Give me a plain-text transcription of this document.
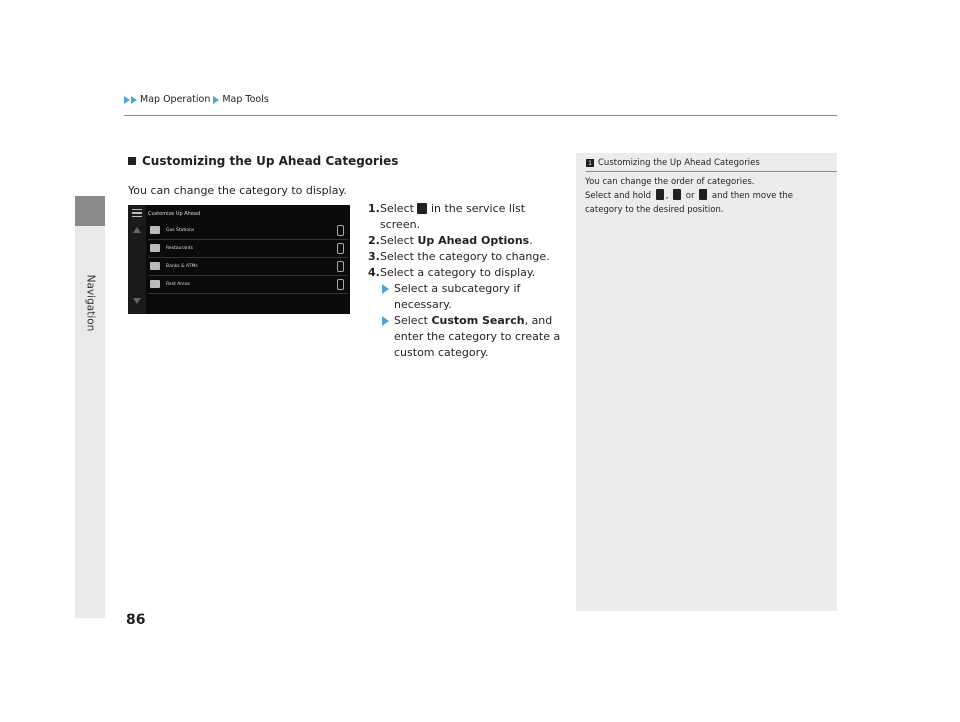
Navigation
Map Operation Map Tools
Customizing the Up Ahead Categories
You can change the category to display.
Customize Up Ahead
Gas Stations
Restaurants
Banks & ATMs
Rest Areas
1. Select in the service list screen.
2. Select Up Ahead Options.
3. Select the category to change.
4. Select a category to display.
Select a subcategory if necessary.
Select Custom Search, and enter the category to create a custom category.
1 Customizing the Up Ahead Categories
You can change the order of categories.
Select and hold , or and then move the category to the desired position.
86
